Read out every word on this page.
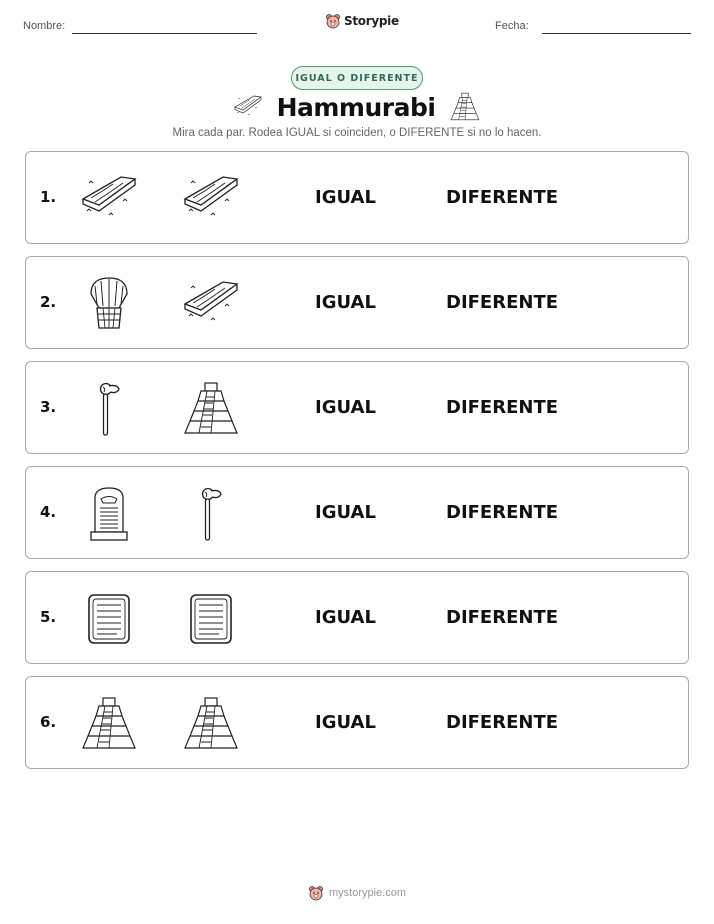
Nombre:	Storypie	Fecha:
IGUAL O DIFERENTE
Hammurabi
Mira cada par. Rodea IGUAL si coinciden, o DIFERENTE si no lo hacen.
1.	IGUAL	DIFERENTE
2.	IGUAL	DIFERENTE
3.	IGUAL	DIFERENTE
4.	IGUAL	DIFERENTE
5.	IGUAL	DIFERENTE
6.	IGUAL	DIFERENTE
mystorypie.com
